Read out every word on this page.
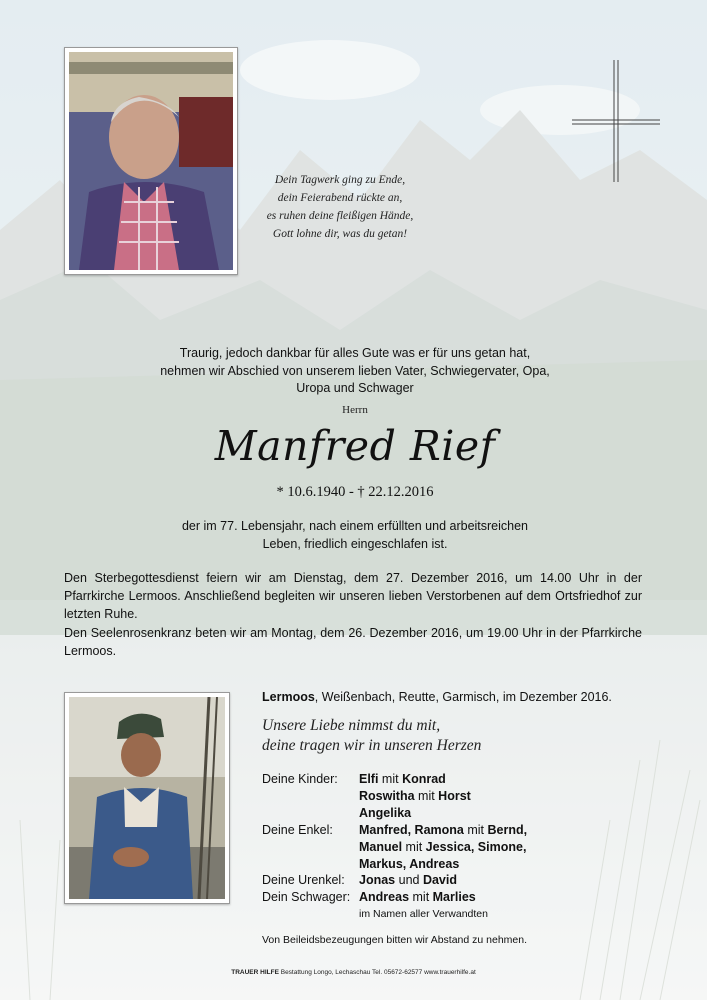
Dein Tagwerk ging zu Ende,
dein Feierabend rückte an,
es ruhen deine fleißigen Hände,
Gott lohne dir, was du getan!
Traurig, jedoch dankbar für alles Gute was er für uns getan hat,
nehmen wir Abschied von unserem lieben Vater, Schwiegervater, Opa,
Uropa und Schwager
Herrn
Manfred Rief
* 10.6.1940 - † 22.12.2016
der im 77. Lebensjahr, nach einem erfüllten und arbeitsreichen
Leben, friedlich eingeschlafen ist.
Den Sterbegottesdienst feiern wir am Dienstag, dem 27. Dezember 2016, um 14.00 Uhr in der Pfarrkirche Lermoos. Anschließend begleiten wir unseren lieben Verstorbenen auf dem Ortsfriedhof zur letzten Ruhe.
Den Seelenrosenkranz beten wir am Montag, dem 26. Dezember 2016, um 19.00 Uhr in der Pfarrkirche Lermoos.
Lermoos, Weißenbach, Reutte, Garmisch, im Dezember 2016.
Unsere Liebe nimmst du mit,
deine tragen wir in unseren Herzen
Deine Kinder: Elfi mit Konrad
Roswitha mit Horst
Angelika
Deine Enkel: Manfred, Ramona mit Bernd,
Manuel mit Jessica, Simone,
Markus, Andreas
Deine Urenkel: Jonas und David
Dein Schwager: Andreas mit Marlies
im Namen aller Verwandten
Von Beileidsbezeugungen bitten wir Abstand zu nehmen.
TRAUER HILFE Bestattung Longo, Lechaschau Tel. 05672-62577 www.trauerhilfe.at
